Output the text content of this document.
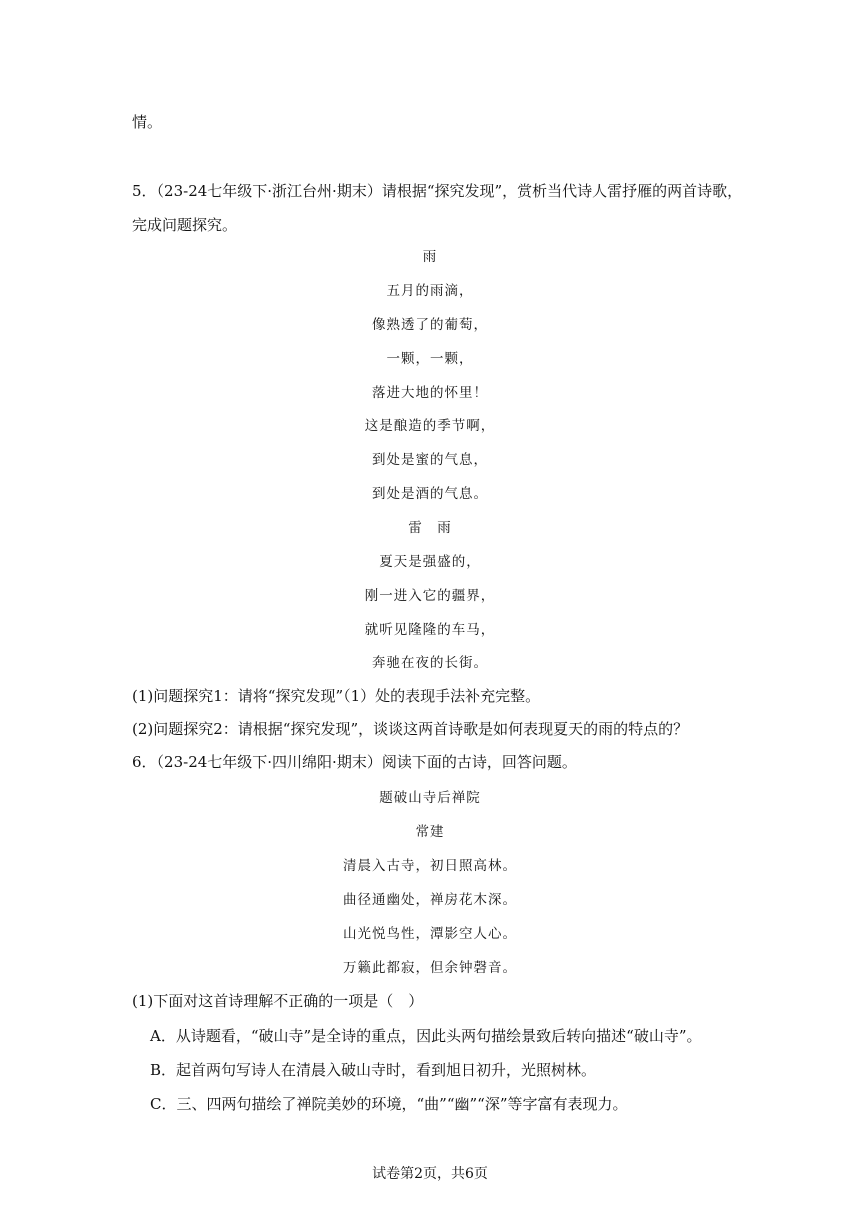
情。
5．（23-24七年级下·浙江台州·期末）请根据“探究发现”，赏析当代诗人雷抒雁的两首诗歌，
完成问题探究。
雨
五月的雨滴，
像熟透了的葡萄，
一颗，一颗，
落进大地的怀里！
这是酿造的季节啊，
到处是蜜的气息，
到处是酒的气息。
雷　雨
夏天是强盛的，
刚一进入它的疆界，
就听见隆隆的车马，
奔驰在夜的长街。
(1)问题探究1：请将“探究发现”（1）处的表现手法补充完整。
(2)问题探究2：请根据“探究发现”，谈谈这两首诗歌是如何表现夏天的雨的特点的？
6．（23-24七年级下·四川绵阳·期末）阅读下面的古诗，回答问题。
题破山寺后禅院
常建
清晨入古寺，初日照高林。
曲径通幽处，禅房花木深。
山光悦鸟性，潭影空人心。
万籁此都寂，但余钟磬音。
(1)下面对这首诗理解不正确的一项是（　）
A．从诗题看，“破山寺”是全诗的重点，因此头两句描绘景致后转向描述“破山寺”。
B．起首两句写诗人在清晨入破山寺时，看到旭日初升，光照树林。
C．三、四两句描绘了禅院美妙的环境，“曲”“幽”“深”等字富有表现力。
试卷第2页，共6页
